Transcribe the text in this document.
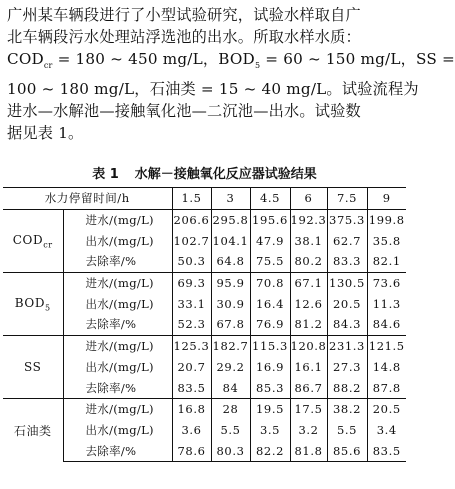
广州某车辆段进行了小型试验研究，试验水样取自广
北车辆段污水处理站浮选池的出水。所取水样水质：
$COD_{cr} = 180$ ~ 450 mg/L，$BOD_5 = 60$ ~ 150 mg/L，SS =
100 ~ 180 mg/L，石油类 = 15 ~ 40 mg/L。试验流程为
进水—水解池—接触氧化池—二沉池—出水。试验数
据见表 1。
表 1 水解－接触氧化反应器试验结果
水力停留时间/h		1.5	3	4.5	6	7.5	9
$COD_{cr}$	进水/(mg/L)	206.6	295.8	195.6	192.3	375.3	199.8
	出水/(mg/L)	102.7	104.1	47.9	38.1	62.7	35.8
	去除率/%	50.3	64.8	75.5	80.2	83.3	82.1
$BOD_5$	进水/(mg/L)	69.3	95.9	70.8	67.1	130.5	73.6
	出水/(mg/L)	33.1	30.9	16.4	12.6	20.5	11.3
	去除率/%	52.3	67.8	76.9	81.2	84.3	84.6
SS	进水/(mg/L)	125.3	182.7	115.3	120.8	231.3	121.5
	出水/(mg/L)	20.7	29.2	16.9	16.1	27.3	14.8
	去除率/%	83.5	84	85.3	86.7	88.2	87.8
石油类	进水/(mg/L)	16.8	28	19.5	17.5	38.2	20.5
	出水/(mg/L)	3.6	5.5	3.5	3.2	5.5	3.4
	去除率/%	78.6	80.3	82.2	81.8	85.6	83.5
